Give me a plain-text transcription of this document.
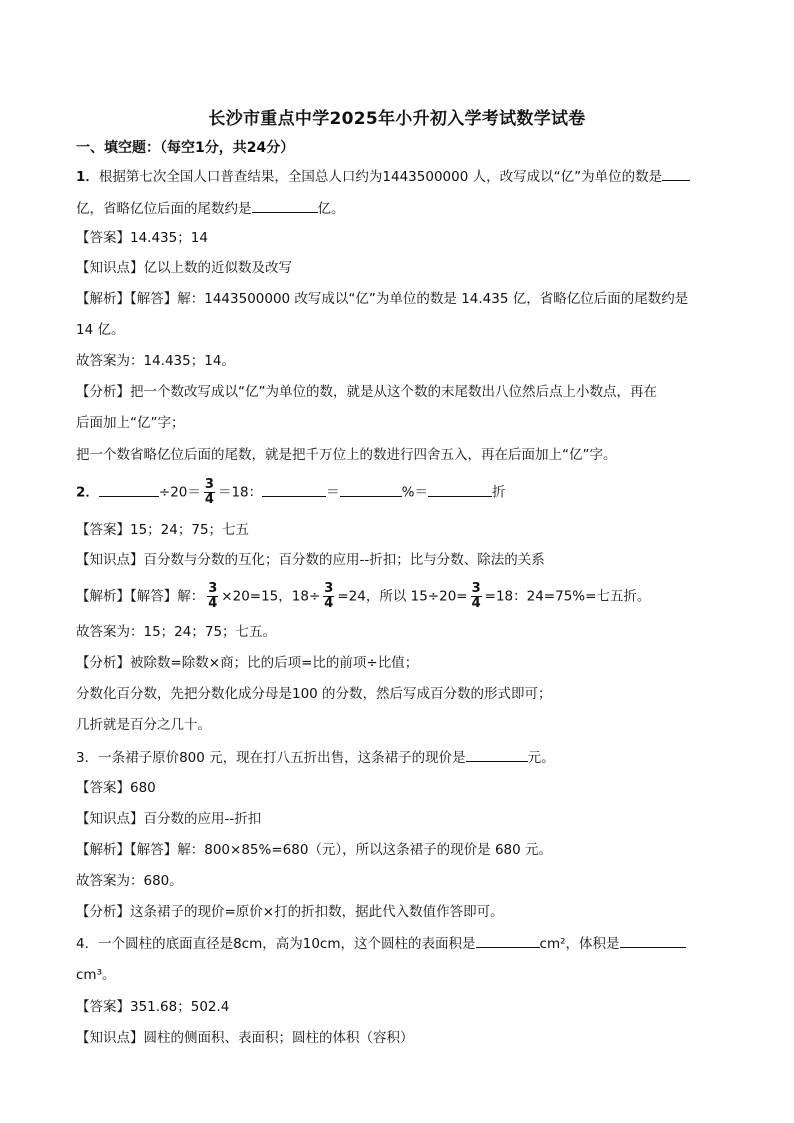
长沙市重点中学2025年小升初入学考试数学试卷
一、填空题：（每空1分，共24分）
1．根据第七次全国人口普查结果，全国总人口约为1443500000 人，改写成以“亿”为单位的数是
亿，省略亿位后面的尾数约是	亿。
【答案】14.435；14
【知识点】亿以上数的近似数及改写
【解析】【解答】解：1443500000 改写成以“亿”为单位的数是 14.435 亿，省略亿位后面的尾数约是
14 亿。
故答案为：14.435；14。
【分析】把一个数改写成以“亿”为单位的数，就是从这个数的末尾数出八位然后点上小数点，再在
后面加上“亿”字；
把一个数省略亿位后面的尾数，就是把千万位上的数进行四舍五入，再在后面加上“亿”字。
2．	$\div 20= \frac{3}{4} =18$：	＝	%＝	折
【答案】15；24；75；七五
【知识点】百分数与分数的互化；百分数的应用--折扣；比与分数、除法的关系
【解析】【解答】解： $\frac{3}{4} \times 20=15$，$18\div \frac{3}{4} =24$，所以 $15\div 20= \frac{3}{4} =18$：24=75%=七五折。
故答案为：15；24；75；七五。
【分析】被除数=除数×商；比的后项=比的前项÷比值；
分数化百分数，先把分数化成分母是100 的分数，然后写成百分数的形式即可；
几折就是百分之几十。
3．一条裙子原价800 元，现在打八五折出售，这条裙子的现价是	元。
【答案】680
【知识点】百分数的应用--折扣
【解析】【解答】解：800×85%=680（元），所以这条裙子的现价是 680 元。
故答案为：680。
【分析】这条裙子的现价=原价×打的折扣数，据此代入数值作答即可。
4．一个圆柱的底面直径是8cm，高为10cm，这个圆柱的表面积是	cm²，体积是
cm³。
【答案】351.68；502.4
【知识点】圆柱的侧面积、表面积；圆柱的体积（容积）
